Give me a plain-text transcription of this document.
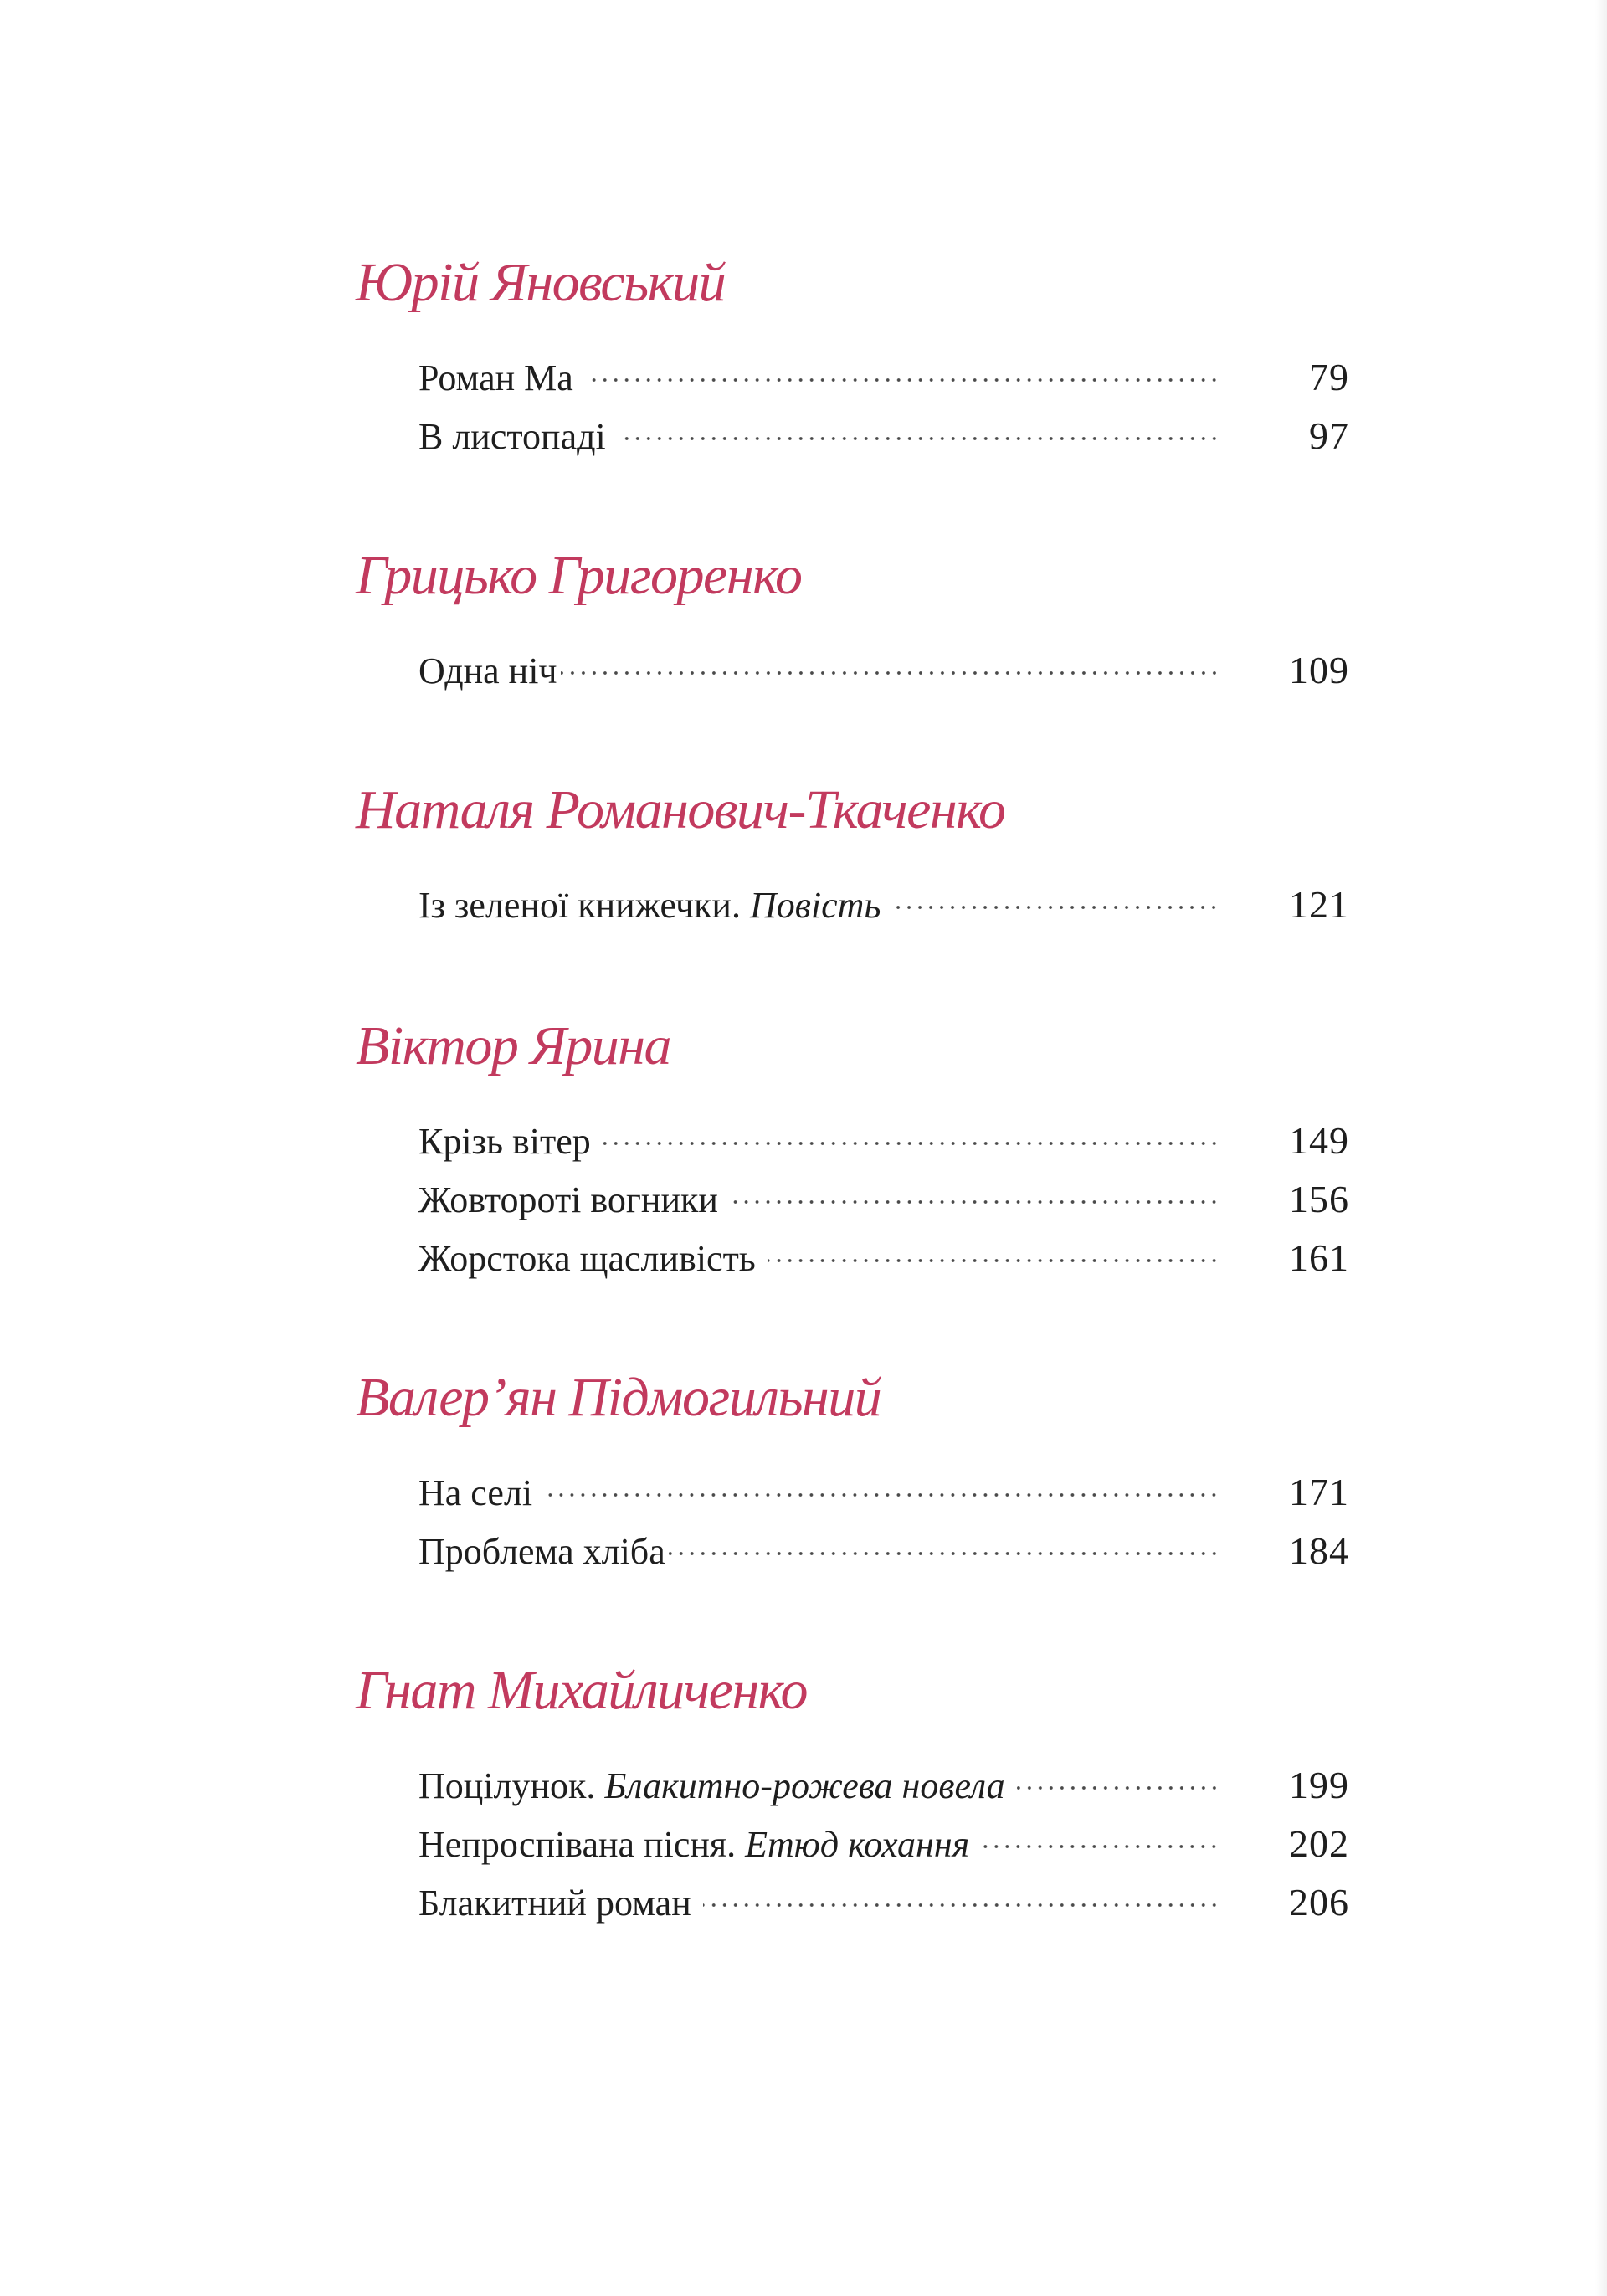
Юрій Яновський
Роман Ма	79
В листопаді	97
Грицько Григоренко
Одна ніч	109
Наталя Романович-Ткаченко
Із зеленої книжечки. Повість	121
Віктор Ярина
Крізь вітер	149
Жовтороті вогники	156
Жорстока щасливість	161
Валер’ян Підмогильний
На селі	171
Проблема хліба	184
Гнат Михайличенко
Поцілунок. Блакитно-рожева новела	199
Непроспівана пісня. Етюд кохання	202
Блакитний роман	206
